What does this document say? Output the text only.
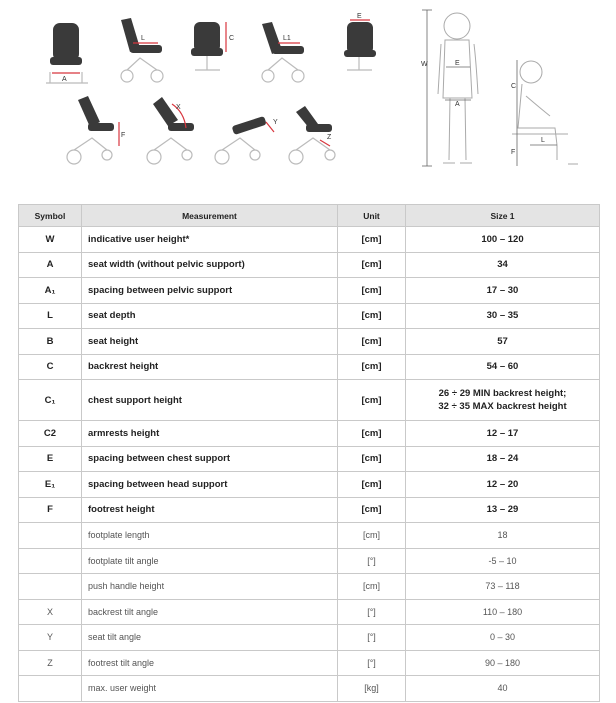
A
L	C	L1
E
F
X
Y
Z
W	E
A
C
L
F
Symbol	Measurement	Unit	Size 1
W	indicative user height*	[cm]	100 – 120
A	seat width (without pelvic support)	[cm]	34
A₁	spacing between pelvic support	[cm]	17 – 30
L	seat depth	[cm]	30 – 35
B	seat height	[cm]	57
C	backrest height	[cm]	54 – 60
C₁	chest support height	[cm]	26 ÷ 29 MIN backrest height;
32 ÷ 35 MAX backrest height

C2	armrests height	[cm]	12 – 17
E	spacing between chest support	[cm]	18 – 24
E₁	spacing between head support	[cm]	12 – 20
F	footrest height	[cm]	13 – 29
	footplate length	[cm]	18
	footplate tilt angle	[°]	-5 – 10
	push handle height	[cm]	73 – 118
X	backrest tilt angle	[°]	110 – 180
Y	seat tilt angle	[°]	0 – 30
Z	footrest tilt angle	[°]	90 – 180
	max. user weight	[kg]	40
